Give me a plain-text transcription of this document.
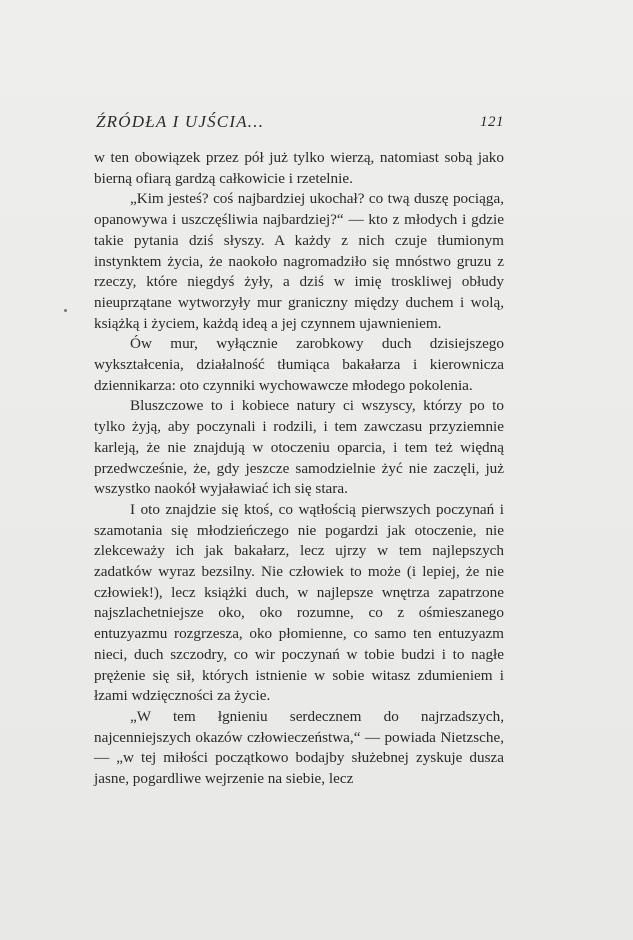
ŹRÓDŁA I UJŚCIA...	121

w ten obowiązek przez pół już tylko wierzą, natomiast sobą jako bierną ofiarą gardzą całkowicie i rzetelnie.

„Kim jesteś? coś najbardziej ukochał? co twą duszę pociąga, opanowywa i uszczęśliwia najbardziej?“ — kto z młodych i gdzie takie pytania dziś słyszy. A każdy z nich czuje tłumionym instynktem życia, że naokoło nagromadziło się mnóstwo gruzu z rzeczy, które niegdyś żyły, a dziś w imię troskliwej obłudy nieuprzątane wytworzyły mur graniczny między duchem i wolą, książką i życiem, każdą ideą a jej czynnem ujawnieniem.

Ów mur, wyłącznie zarobkowy duch dzisiejszego wykształcenia, działalność tłumiąca bakałarza i kierownicza dziennikarza: oto czynniki wychowawcze młodego pokolenia.

Bluszczowe to i kobiece natury ci wszyscy, którzy po to tylko żyją, aby poczynali i rodzili, i tem zawczasu przyziemnie karleją, że nie znajdują w otoczeniu oparcia, i tem też więdną przedwcześnie, że, gdy jeszcze samodzielnie żyć nie zaczęli, już wszystko naokół wyjaławiać ich się stara.

I oto znajdzie się ktoś, co wątłością pierwszych poczynań i szamotania się młodzieńczego nie pogardzi jak otoczenie, nie zlekceważy ich jak bakałarz, lecz ujrzy w tem najlepszych zadatków wyraz bezsilny. Nie człowiek to może (i lepiej, że nie człowiek!), lecz książki duch, w najlepsze wnętrza zapatrzone najszlachetniejsze oko, oko rozumne, co z ośmieszanego entuzyazmu rozgrzesza, oko płomienne, co samo ten entuzyazm nieci, duch szczodry, co wir poczynań w tobie budzi i to nagłe prężenie się sił, których istnienie w sobie witasz zdumieniem i łzami wdzięczności za życie.

„W tem łgnieniu serdecznem do najrzadszych, najcenniejszych okazów człowieczeństwa,“ — powiada Nietzsche, — „w tej miłości początkowo bodajby służebnej zyskuje dusza jasne, pogardliwe wejrzenie na siebie, lecz
